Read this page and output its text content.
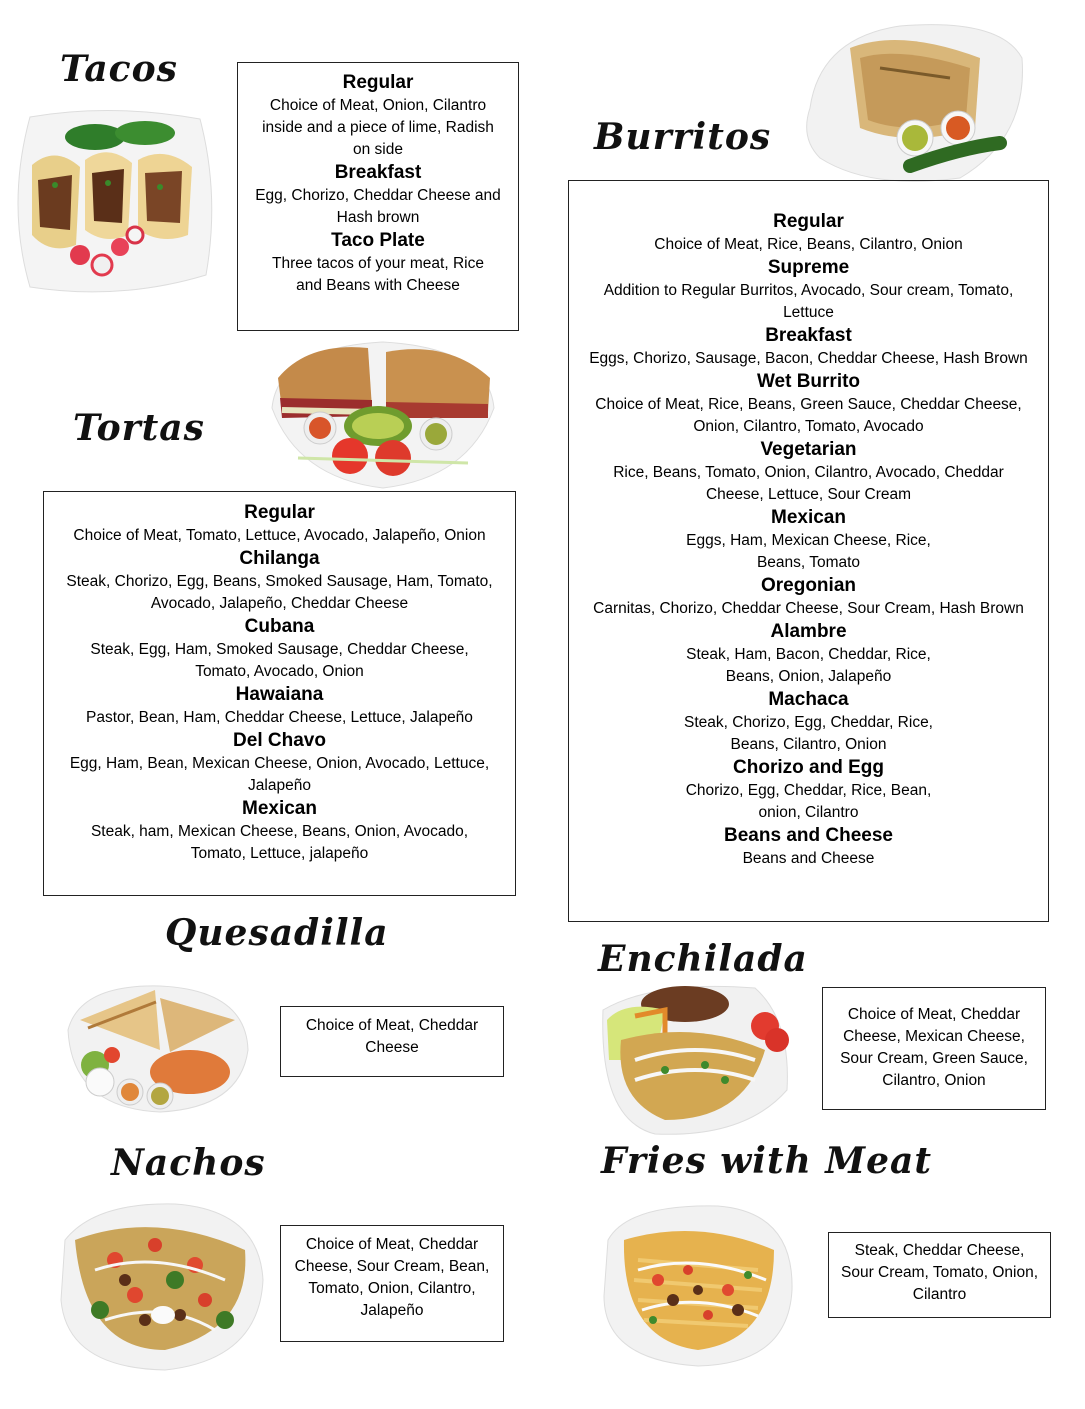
Tacos	Regular

Choice of Meat, Onion, Cilantro inside and a piece of lime, Radish on side

Breakfast

Egg, Chorizo, Cheddar Cheese and Hash brown

Taco Plate

Three tacos of your meat, Rice and Beans with Cheese

Burritos

Regular

Choice of Meat, Rice, Beans, Cilantro, Onion

Supreme

Addition to Regular Burritos, Avocado, Sour cream, Tomato, Lettuce

Breakfast

Eggs, Chorizo, Sausage, Bacon, Cheddar Cheese, Hash Brown

Wet Burrito

Choice of Meat, Rice, Beans, Green Sauce, Cheddar Cheese, Onion, Cilantro, Tomato, Avocado

Vegetarian

Rice, Beans, Tomato, Onion, Cilantro, Avocado, Cheddar Cheese, Lettuce, Sour Cream

Mexican

Eggs, Ham, Mexican Cheese, Rice, Beans, Tomato

Oregonian

Carnitas, Chorizo, Cheddar Cheese, Sour Cream, Hash Brown

Alambre

Steak, Ham, Bacon, Cheddar, Rice, Beans, Onion, Jalapeño

Machaca

Steak, Chorizo, Egg, Cheddar, Rice, Beans, Cilantro, Onion

Chorizo and Egg

Chorizo, Egg, Cheddar, Rice, Bean, onion, Cilantro

Beans and Cheese

Beans and Cheese

Tortas

Regular

Choice of Meat, Tomato, Lettuce, Avocado, Jalapeño, Onion

Chilanga

Steak, Chorizo, Egg, Beans, Smoked Sausage, Ham, Tomato, Avocado, Jalapeño, Cheddar Cheese

Cubana

Steak, Egg, Ham, Smoked Sausage, Cheddar Cheese, Tomato, Avocado, Onion

Hawaiana

Pastor, Bean, Ham, Cheddar Cheese, Lettuce, Jalapeño

Del Chavo

Egg, Ham, Bean, Mexican Cheese, Onion, Avocado, Lettuce, Jalapeño

Mexican

Steak, ham, Mexican Cheese, Beans, Onion, Avocado, Tomato, Lettuce, jalapeño

Quesadilla
Choice of Meat, Cheddar Cheese
Enchilada
Choice of Meat, Cheddar Cheese, Mexican Cheese, Sour Cream, Green Sauce, Cilantro, Onion
Nachos
Choice of Meat, Cheddar Cheese, Sour Cream, Bean, Tomato, Onion, Cilantro, Jalapeño
Fries with Meat
Steak, Cheddar Cheese, Sour Cream, Tomato, Onion, Cilantro
